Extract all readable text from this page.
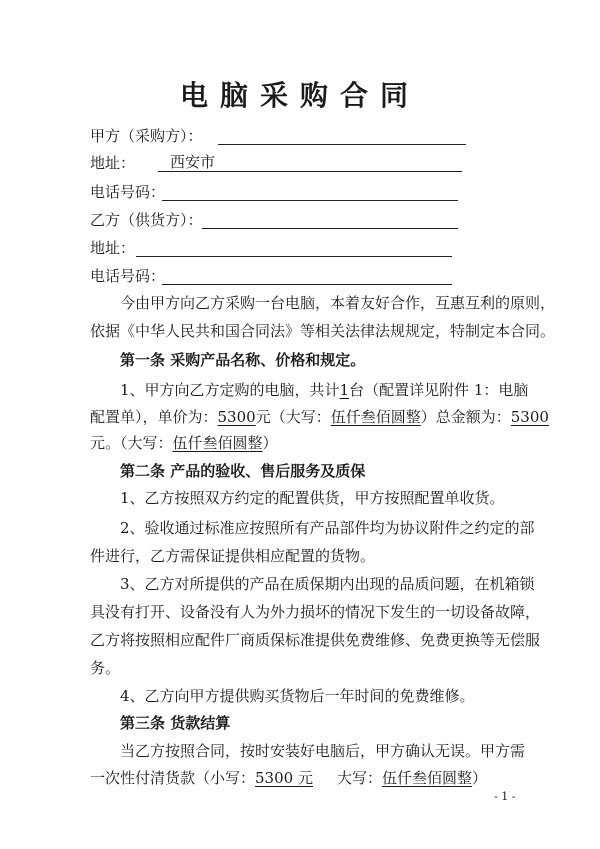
电脑采购合同
甲方（采购方）：
地址： 西安市
电话号码：
乙方（供货方）：
地址：
电话号码：
今由甲方向乙方采购一台电脑，本着友好合作，互惠互利的原则，
依据《中华人民共和国合同法》等相关法律法规规定，特制定本合同。
第一条 采购产品名称、价格和规定。
1、甲方向乙方定购的电脑，共计1台（配置详见附件 1：电脑
配置单），单价为：5300元（大写：伍仟叁佰圆整）总金额为：5300
元。（大写：伍仟叁佰圆整）
第二条 产品的验收、售后服务及质保
1、乙方按照双方约定的配置供货，甲方按照配置单收货。
2、验收通过标准应按照所有产品部件均为协议附件之约定的部
件进行，乙方需保证提供相应配置的货物。
3、乙方对所提供的产品在质保期内出现的品质问题，在机箱锁
具没有打开、设备没有人为外力损坏的情况下发生的一切设备故障，
乙方将按照相应配件厂商质保标准提供免费维修、免费更换等无偿服
务。
4、乙方向甲方提供购买货物后一年时间的免费维修。
第三条 货款结算
当乙方按照合同，按时安装好电脑后，甲方确认无误。甲方需
一次性付清货款（小写：5300 元 大写：伍仟叁佰圆整）
- 1 -
